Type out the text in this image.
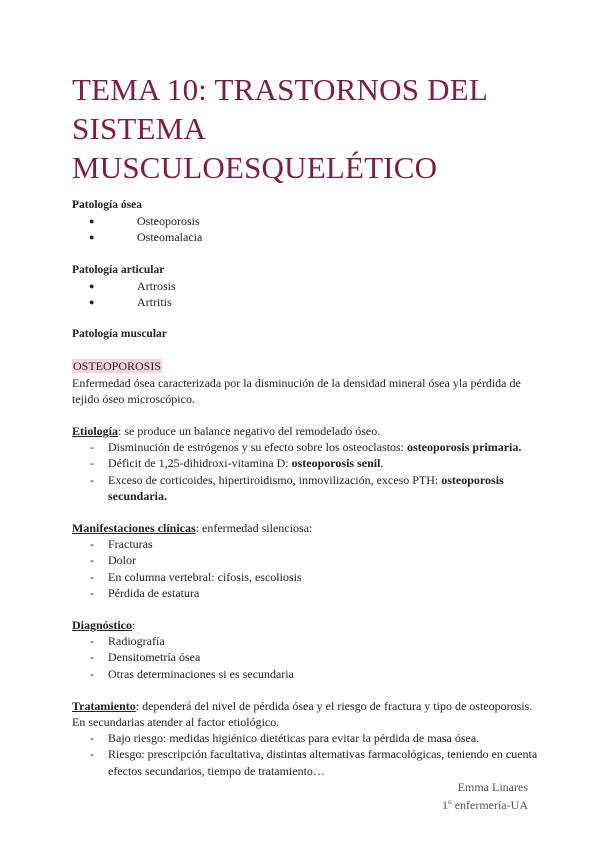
TEMA 10: TRASTORNOS DEL SISTEMA MUSCULOESQUELÉTICO
Patología ósea
● Osteoporosis
● Osteomalacia
Patología articular
● Artrosis
● Artritis
Patología muscular
OSTEOPOROSIS
Enfermedad ósea caracterizada por la disminución de la densidad mineral ósea yla pérdida de tejido óseo microscópico.
Etiología: se produce un balance negativo del remodelado óseo.
- Disminución de estrógenos y su efecto sobre los osteoclastos: osteoporosis primaria.
- Déficit de 1,25-dihidroxi-vitamina D: osteoporosis senil.
- Exceso de corticoides, hipertiroidismo, inmovilización, exceso PTH: osteoporosis secundaria.
Manifestaciones clínicas: enfermedad silenciosa:
- Fracturas
- Dolor
- En columna vertebral: cifosis, escoliosis
- Pérdida de estatura
Diagnóstico:
- Radiografía
- Densitometría ósea
- Otras determinaciones si es secundaria
Tratamiento: dependerá del nivel de pérdida ósea y el riesgo de fractura y tipo de osteoporosis. En secundarias atender al factor etiológico.
- Bajo riesgo: medidas higiénico dietéticas para evitar la pérdida de masa ósea.
- Riesgo: prescripción facultativa, distintas alternativas farmacológicas, teniendo en cuenta efectos secundarios, tiempo de tratamiento…
Emma Linares
1º enfermería-UA
